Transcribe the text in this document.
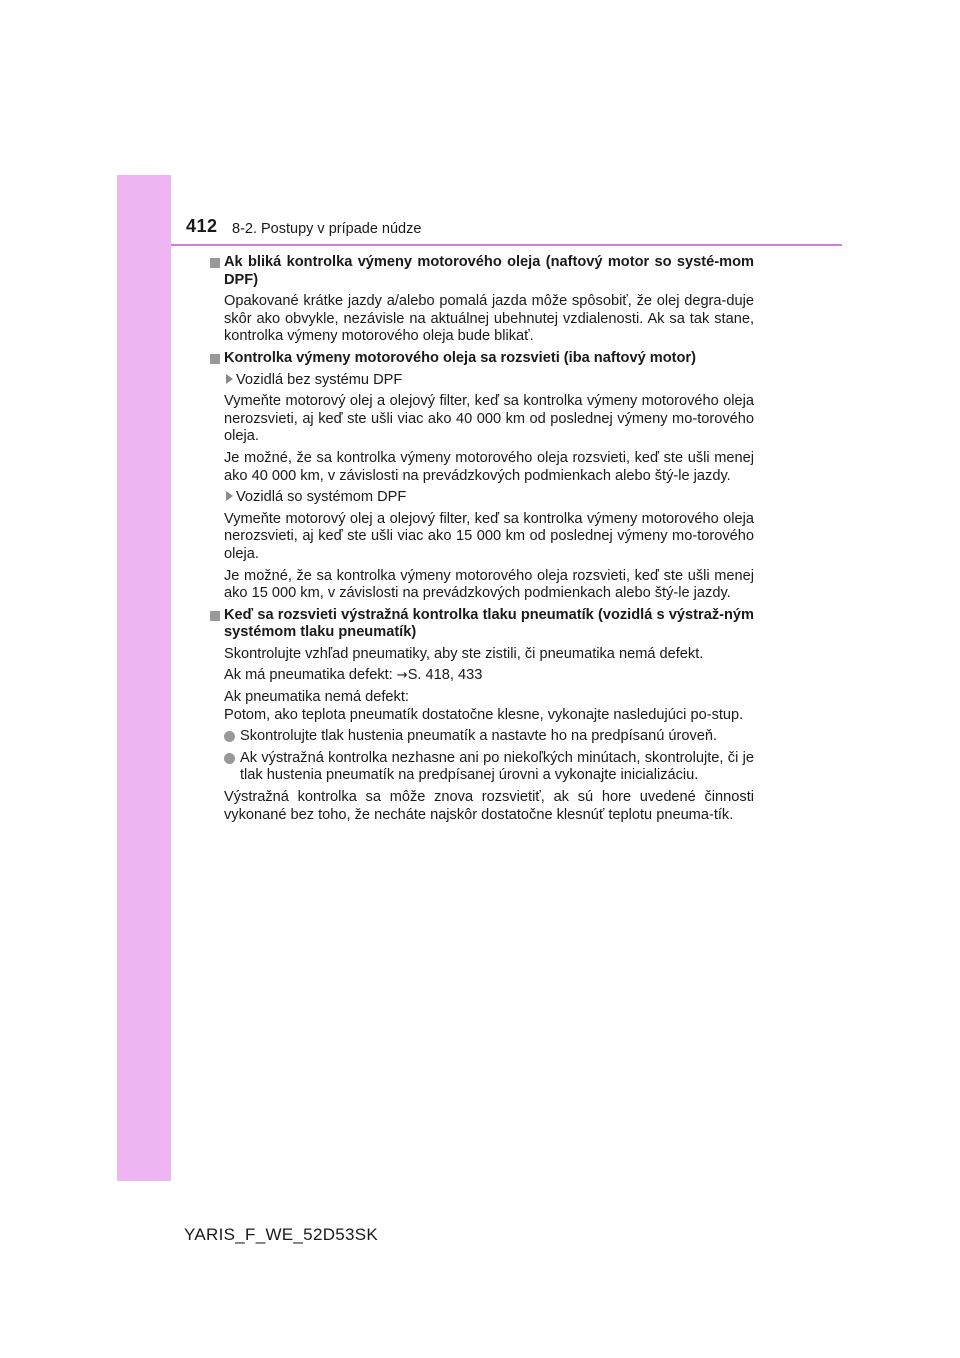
412 8-2. Postupy v prípade núdze
Ak bliká kontrolka výmeny motorového oleja (naftový motor so systé-mom DPF)
Opakované krátke jazdy a/alebo pomalá jazda môže spôsobiť, že olej degra-duje skôr ako obvykle, nezávisle na aktuálnej ubehnutej vzdialenosti. Ak sa tak stane, kontrolka výmeny motorového oleja bude blikať.
Kontrolka výmeny motorového oleja sa rozsvieti (iba naftový motor)
Vozidlá bez systému DPF
Vymeňte motorový olej a olejový filter, keď sa kontrolka výmeny motorového oleja nerozsvieti, aj keď ste ušli viac ako 40 000 km od poslednej výmeny mo-torového oleja.
Je možné, že sa kontrolka výmeny motorového oleja rozsvieti, keď ste ušli menej ako 40 000 km, v závislosti na prevádzkových podmienkach alebo štý-le jazdy.
Vozidlá so systémom DPF
Vymeňte motorový olej a olejový filter, keď sa kontrolka výmeny motorového oleja nerozsvieti, aj keď ste ušli viac ako 15 000 km od poslednej výmeny mo-torového oleja.
Je možné, že sa kontrolka výmeny motorového oleja rozsvieti, keď ste ušli menej ako 15 000 km, v závislosti na prevádzkových podmienkach alebo štý-le jazdy.
Keď sa rozsvieti výstražná kontrolka tlaku pneumatík (vozidlá s výstraž-ným systémom tlaku pneumatík)
Skontrolujte vzhľad pneumatiky, aby ste zistili, či pneumatika nemá defekt.
Ak má pneumatika defekt: →S. 418, 433
Ak pneumatika nemá defekt:
Potom, ako teplota pneumatík dostatočne klesne, vykonajte nasledujúci po-stup.
Skontrolujte tlak hustenia pneumatík a nastavte ho na predpísanú úroveň.
Ak výstražná kontrolka nezhasne ani po niekoľkých minútach, skontrolujte, či je tlak hustenia pneumatík na predpísanej úrovni a vykonajte inicializáciu.
Výstražná kontrolka sa môže znova rozsvietiť, ak sú hore uvedené činnosti vykonané bez toho, že necháte najskôr dostatočne klesnúť teplotu pneuma-tík.
YARIS_F_WE_52D53SK
